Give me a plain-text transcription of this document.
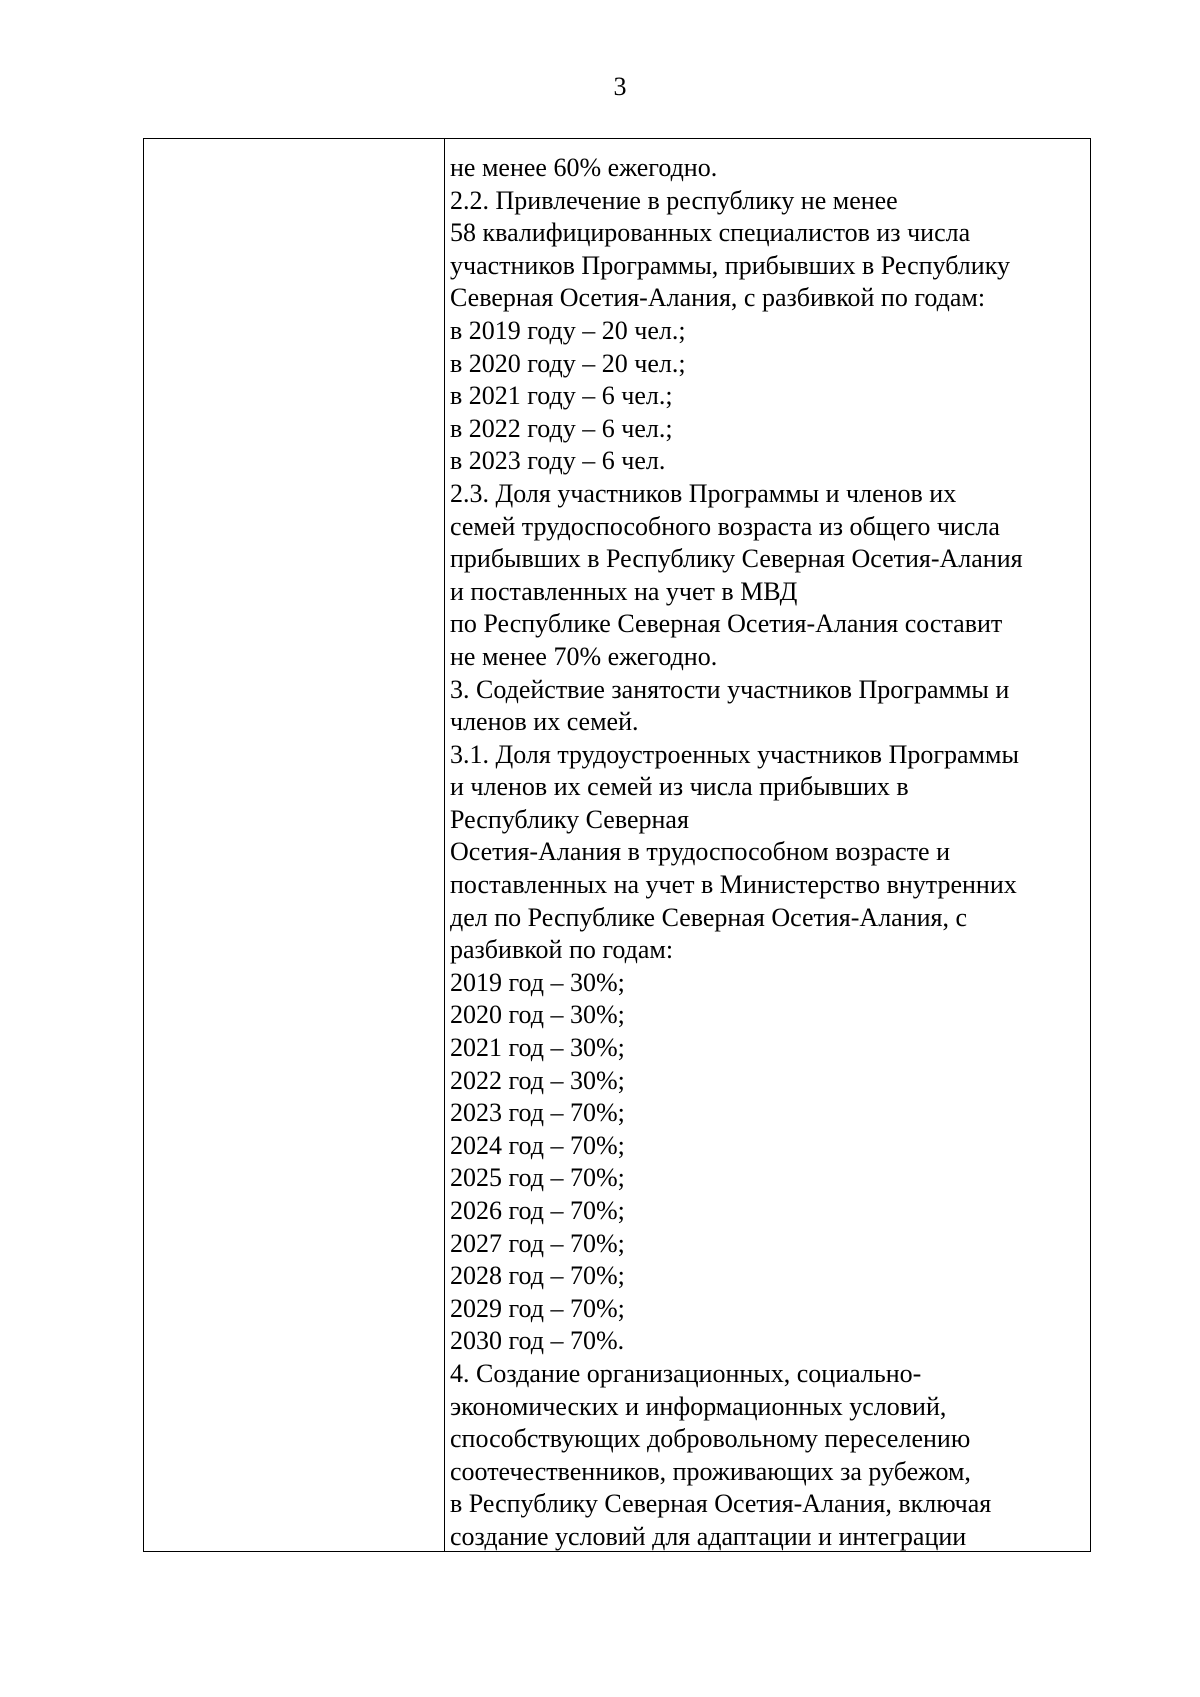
3
не менее 60% ежегодно.
2.2. Привлечение в республику не менее
58 квалифицированных специалистов из числа
участников Программы, прибывших в Республику
Северная Осетия-Алания, с разбивкой по годам:
в 2019 году – 20 чел.;
в 2020 году – 20 чел.;
в 2021 году – 6 чел.;
в 2022 году – 6 чел.;
в 2023 году – 6 чел.
2.3. Доля участников Программы и членов их
семей трудоспособного возраста из общего числа
прибывших в Республику Северная Осетия-Алания
и поставленных на учет в МВД
по Республике Северная Осетия-Алания составит
не менее 70% ежегодно.
3. Содействие занятости участников Программы и
членов их семей.
3.1. Доля трудоустроенных участников Программы
и членов их семей из числа прибывших в
Республику Северная
Осетия-Алания в трудоспособном возрасте и
поставленных на учет в Министерство внутренних
дел по Республике Северная Осетия-Алания, с
разбивкой по годам:
2019 год – 30%;
2020 год – 30%;
2021 год – 30%;
2022 год – 30%;
2023 год – 70%;
2024 год – 70%;
2025 год – 70%;
2026 год – 70%;
2027 год – 70%;
2028 год – 70%;
2029 год – 70%;
2030 год – 70%.
4. Создание организационных, социально-
экономических и информационных условий,
способствующих добровольному переселению
соотечественников, проживающих за рубежом,
в Республику Северная Осетия-Алания, включая
создание условий для адаптации и интеграции
